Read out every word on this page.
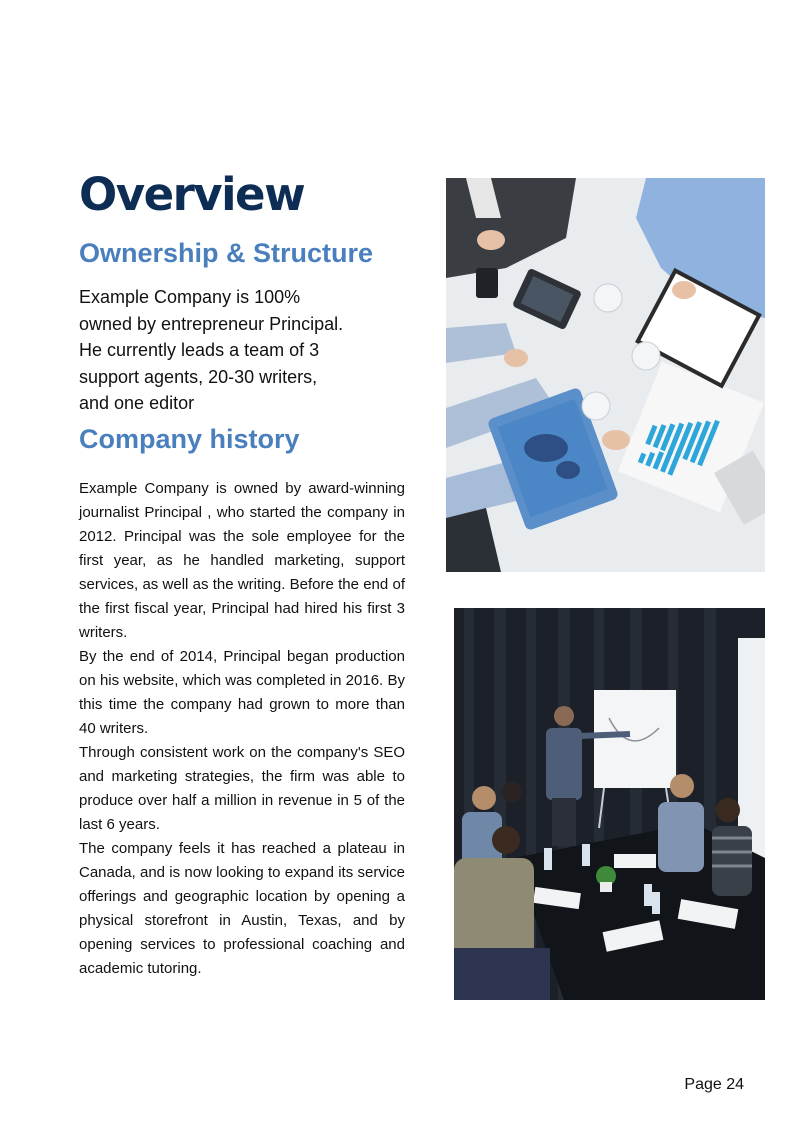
Overview
Ownership & Structure
Example Company is 100%
owned by entrepreneur Principal.
He currently leads a team of 3
support agents, 20-30 writers,
and one editor
Company history

Example Company is owned by award-winning journalist Principal , who started the company in 2012. Principal was the sole employee for the first year, as he handled marketing, support services, as well as the writing. Before the end of the first fiscal year, Principal had hired his first 3 writers.

By the end of 2014, Principal began production on his website, which was completed in 2016. By this time the company had grown to more than 40 writers.

Through consistent work on the company's SEO and marketing strategies, the firm was able to produce over half a million in revenue in 5 of the last 6 years.

The company feels it has reached a plateau in Canada, and is now looking to expand its service offerings and geographic location by opening a physical storefront in Austin, Texas, and by opening services to professional coaching and academic tutoring.

Page 24
